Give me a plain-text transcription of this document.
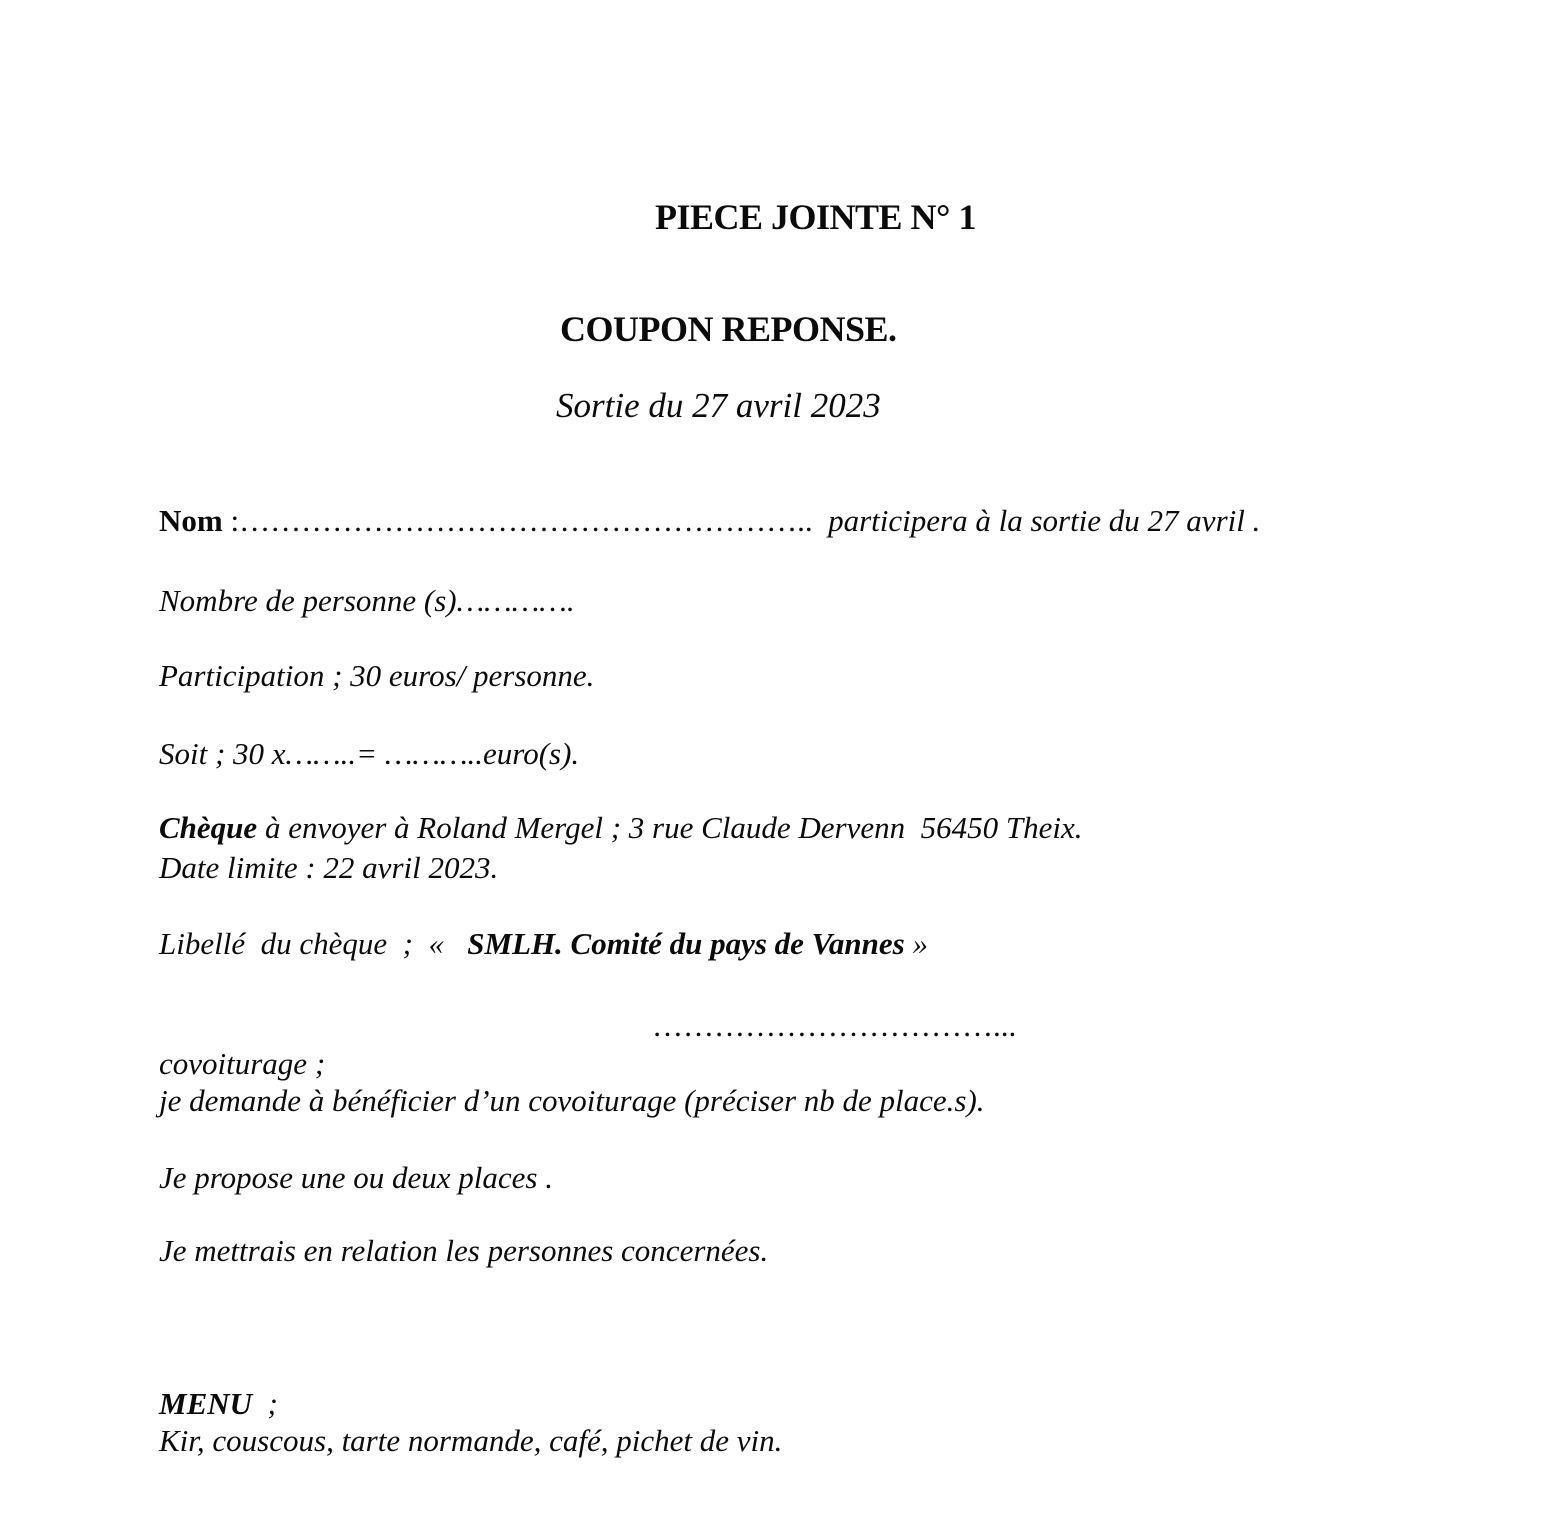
PIECE JOINTE N° 1

COUPON REPONSE.

Sortie du 27 avril 2023

Nom :………………………………………………..  participera à la sortie du 27 avril .

Nombre de personne (s)………….

Participation ; 30 euros/ personne.

Soit ; 30 x……..= ………..euro(s).

Chèque à envoyer à Roland Mergel ; 3 rue Claude Dervenn  56450 Theix.

Date limite : 22 avril 2023.

Libellé  du chèque  ;  «   SMLH. Comité du pays de Vannes »

……………………………...

covoiturage ;

je demande à bénéficier d’un covoiturage (préciser nb de place.s).

Je propose une ou deux places .

Je mettrais en relation les personnes concernées.

MENU  ;

Kir, couscous, tarte normande, café, pichet de vin.
